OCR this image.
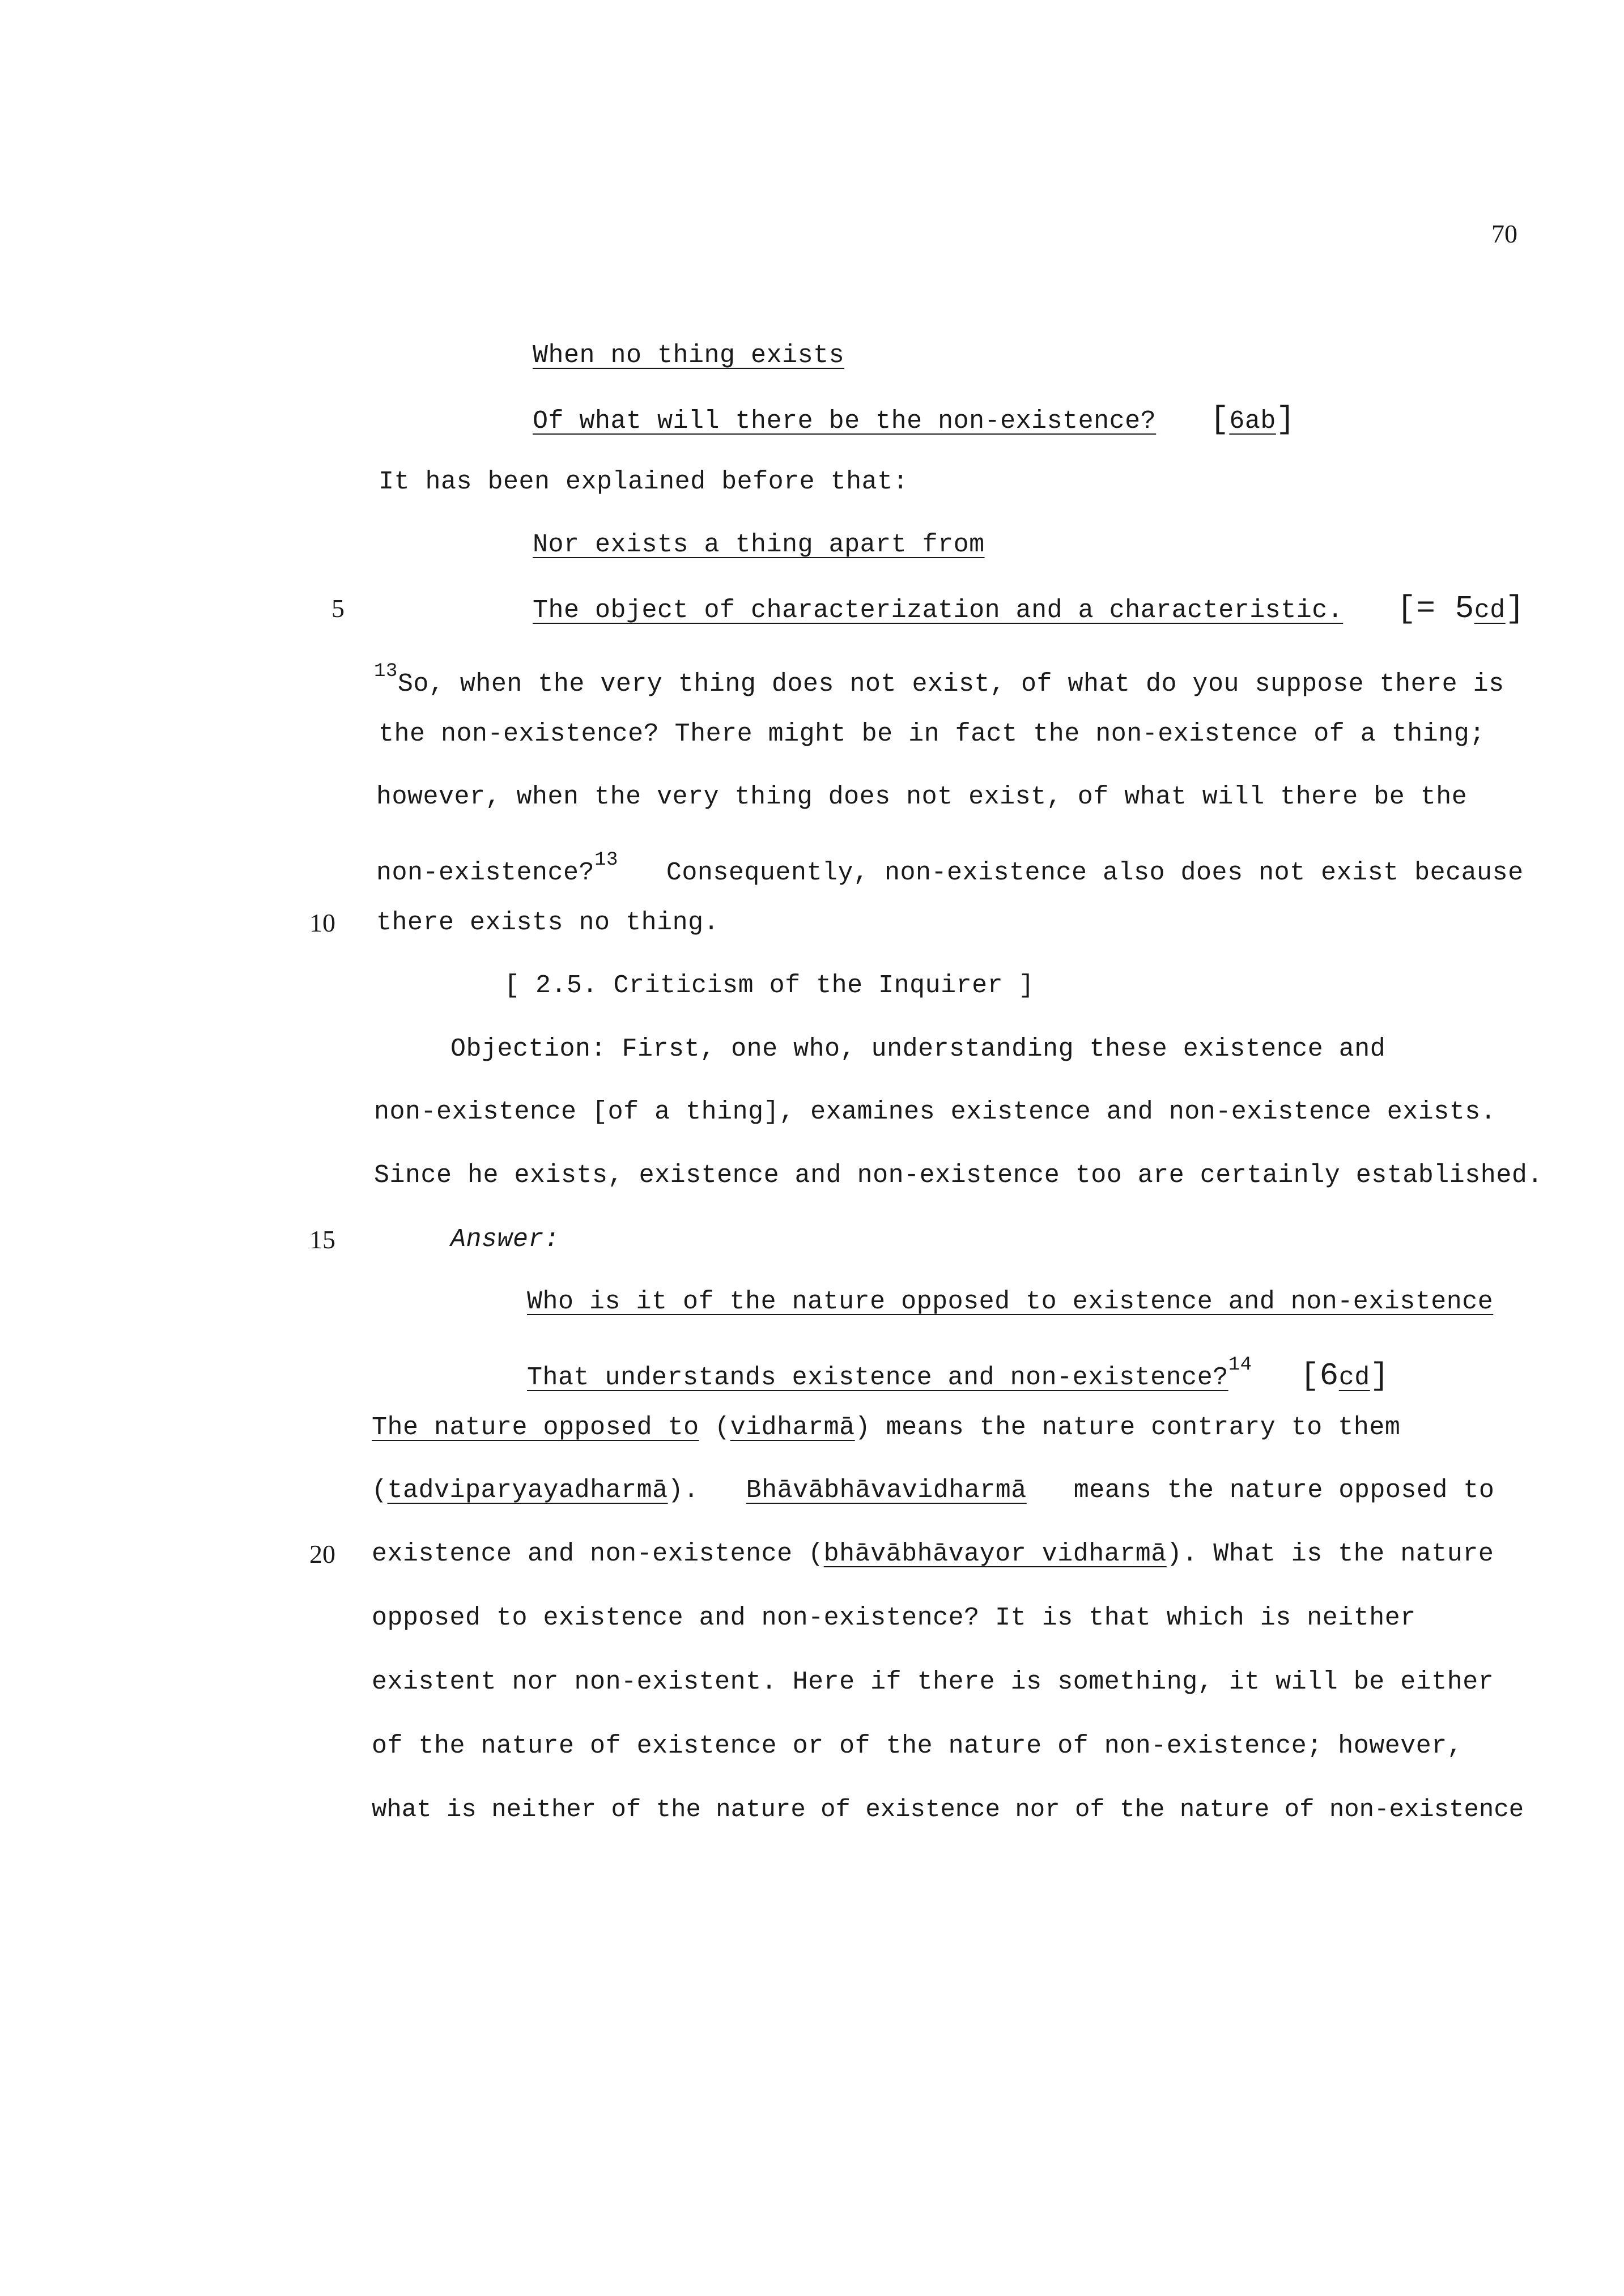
70
5
10
15
20
When no thing exists
Of what will there be the non-existence? [6ab]
It has been explained before that:
Nor exists a thing apart from
The object of characterization and a characteristic. [= 5cd]
$^{13}$So, when the very thing does not exist, of what do you suppose there is
the non-existence? There might be in fact the non-existence of a thing;
however, when the very thing does not exist, of what will there be the
non-existence?$^{13}$ Consequently, non-existence also does not exist because
there exists no thing.
[ 2.5. Criticism of the Inquirer ]
Objection: First, one who, understanding these existence and
non-existence [of a thing], examines existence and non-existence exists.
Since he exists, existence and non-existence too are certainly established.
Answer:
Who is it of the nature opposed to existence and non-existence
That understands existence and non-existence?$^{14}$ [6cd]
The nature opposed to (vidharmā) means the nature contrary to them
(tadviparyayadharmā). Bhāvābhāvavidharmā means the nature opposed to
existence and non-existence (bhāvābhāvayor vidharmā). What is the nature
opposed to existence and non-existence? It is that which is neither
existent nor non-existent. Here if there is something, it will be either
of the nature of existence or of the nature of non-existence; however,
what is neither of the nature of existence nor of the nature of non-existence
